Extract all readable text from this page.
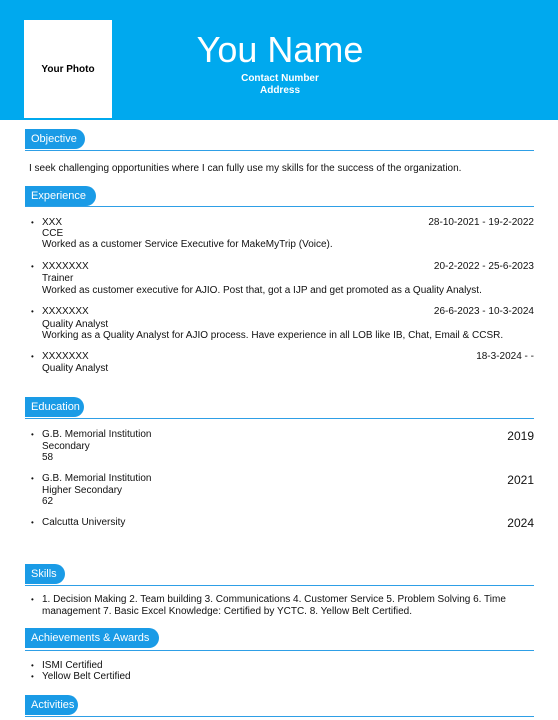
Your Photo	You Name
Contact Number
Address
Objective
I seek challenging opportunities where I can fully use my skills for the success of the organization.
Experience
• XXX	28-10-2021 - 19-2-2022
CCE
Worked as a customer Service Executive for MakeMyTrip (Voice).
• XXXXXXX	20-2-2022 - 25-6-2023
Trainer
Worked as customer executive for AJIO. Post that, got a IJP and get promoted as a Quality Analyst.
• XXXXXXX	26-6-2023 - 10-3-2024
Quality Analyst
Working as a Quality Analyst for AJIO process. Have experience in all LOB like IB, Chat, Email & CCSR.
• XXXXXXX	18-3-2024 - -
Quality Analyst
Education
• G.B. Memorial Institution	2019
Secondary
58
• G.B. Memorial Institution	2021
Higher Secondary
62
• Calcutta University	2024
Skills
• 1. Decision Making 2. Team building 3. Communications 4. Customer Service 5. Problem Solving 6. Time management 7. Basic Excel Knowledge: Certified by YCTC. 8. Yellow Belt Certified.
Achievements & Awards
• ISMI Certified
• Yellow Belt Certified
Activities
